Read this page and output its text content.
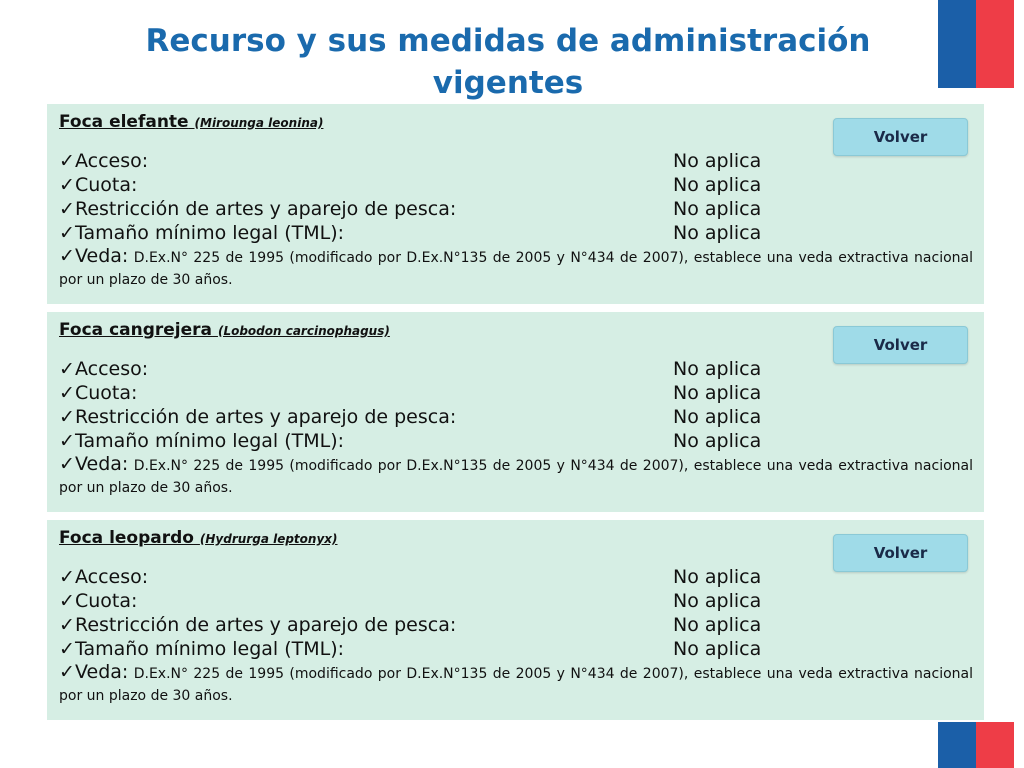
Recurso y sus medidas de administración vigentes
Foca elefante (Mirounga leonina)
Volver
✓Acceso:	No aplica
✓Cuota:	No aplica
✓Restricción de artes y aparejo de pesca:	No aplica
✓Tamaño mínimo legal (TML):	No aplica
✓Veda: D.Ex.N° 225 de 1995 (modificado por D.Ex.N°135 de 2005 y N°434 de 2007), establece una veda extractiva nacional por un plazo de 30 años.
Foca cangrejera (Lobodon carcinophagus)
Volver
✓Acceso:	No aplica
✓Cuota:	No aplica
✓Restricción de artes y aparejo de pesca:	No aplica
✓Tamaño mínimo legal (TML):	No aplica
✓Veda: D.Ex.N° 225 de 1995 (modificado por D.Ex.N°135 de 2005 y N°434 de 2007), establece una veda extractiva nacional por un plazo de 30 años.
Foca leopardo (Hydrurga leptonyx)
Volver
✓Acceso:	No aplica
✓Cuota:	No aplica
✓Restricción de artes y aparejo de pesca:	No aplica
✓Tamaño mínimo legal (TML):	No aplica
✓Veda: D.Ex.N° 225 de 1995 (modificado por D.Ex.N°135 de 2005 y N°434 de 2007), establece una veda extractiva nacional por un plazo de 30 años.
